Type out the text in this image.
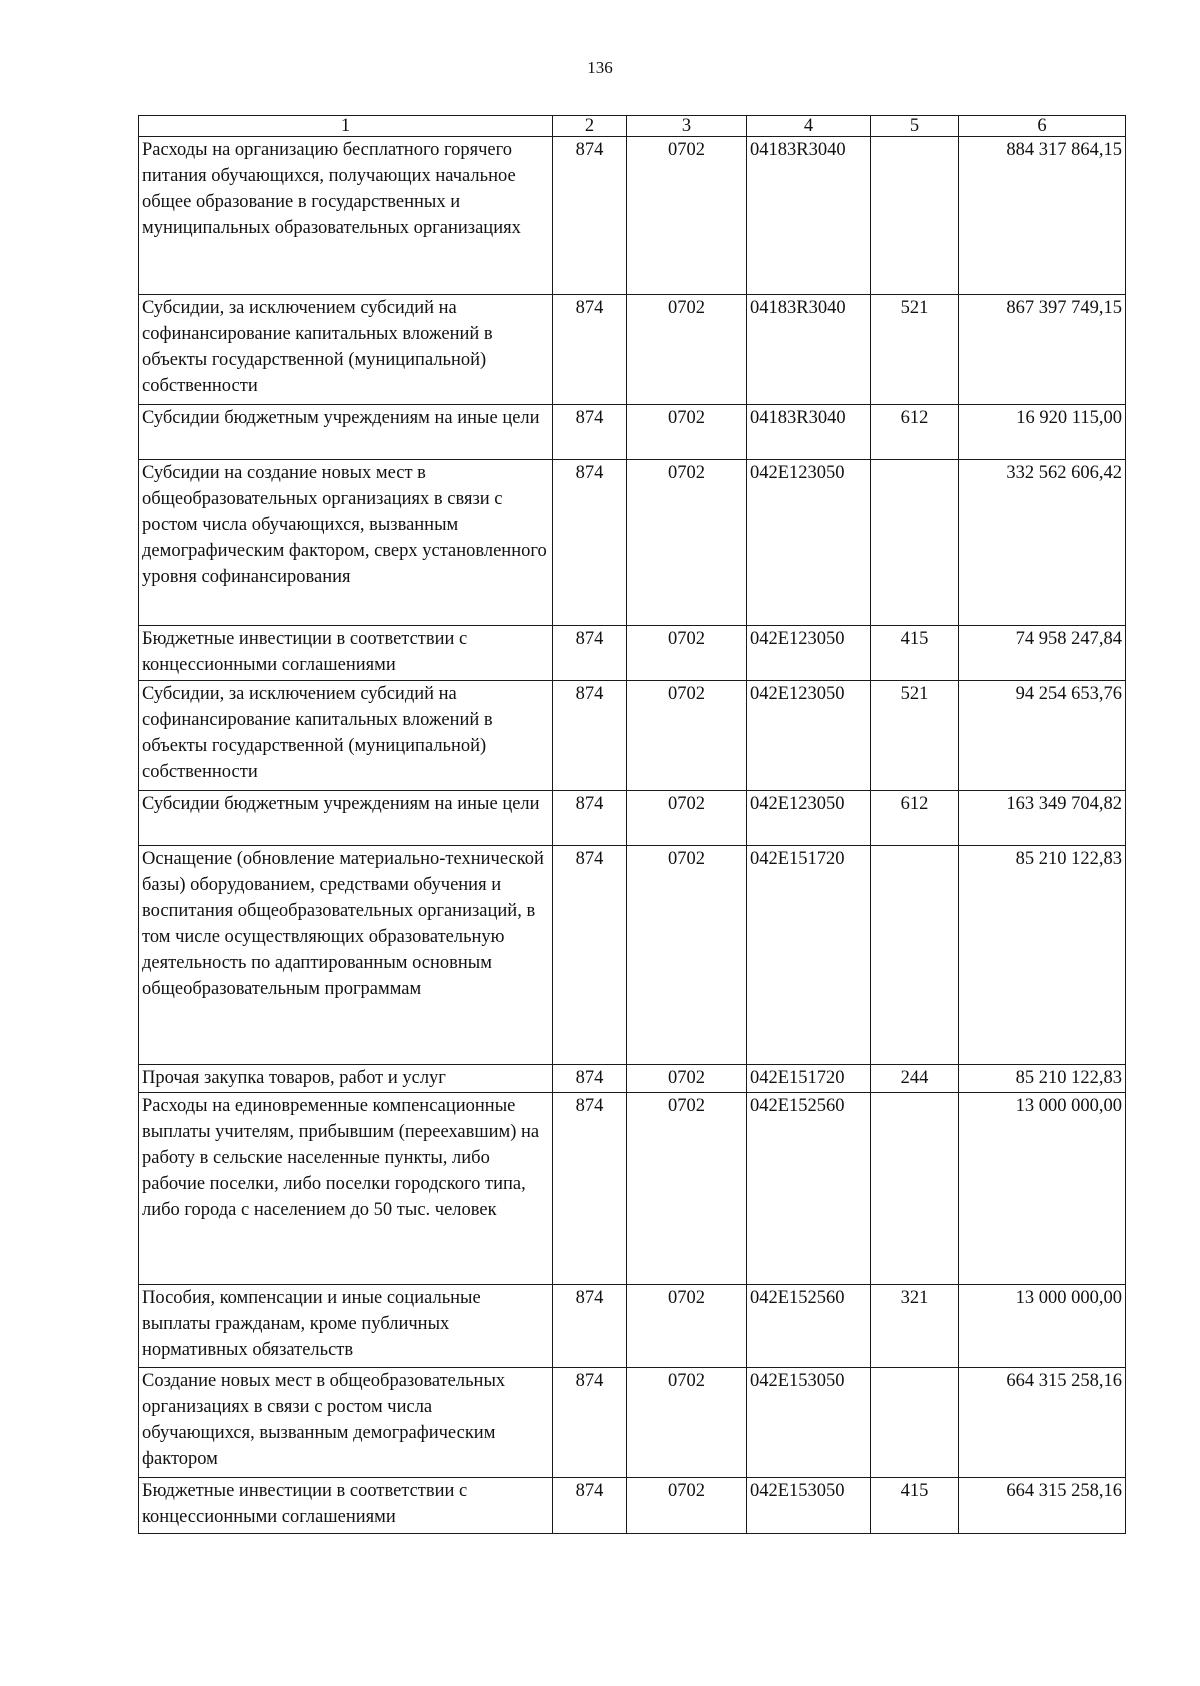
136
1	2	3	4	5	6
Расходы на организацию бесплатного горячего питания обучающихся, получающих начальное общее образование в государственных и муниципальных образовательных организациях	874	0702	04183R3040		884 317 864,15
Субсидии, за исключением субсидий на софинансирование капитальных вложений в объекты государственной (муниципальной) собственности	874	0702	04183R3040	521	867 397 749,15
Субсидии бюджетным учреждениям на иные цели	874	0702	04183R3040	612	16 920 115,00
Субсидии на создание новых мест в общеобразовательных организациях в связи с ростом числа обучающихся, вызванным демографическим фактором, сверх установленного уровня софинансирования	874	0702	042E123050		332 562 606,42
Бюджетные инвестиции в соответствии с концессионными соглашениями	874	0702	042E123050	415	74 958 247,84
Субсидии, за исключением субсидий на софинансирование капитальных вложений в объекты государственной (муниципальной) собственности	874	0702	042E123050	521	94 254 653,76
Субсидии бюджетным учреждениям на иные цели	874	0702	042E123050	612	163 349 704,82
Оснащение (обновление материально-технической базы) оборудованием, средствами обучения и воспитания общеобразовательных организаций, в том числе осуществляющих образовательную деятельность по адаптированным основным общеобразовательным программам	874	0702	042E151720		85 210 122,83
Прочая закупка товаров, работ и услуг	874	0702	042E151720	244	85 210 122,83
Расходы на единовременные компенсационные выплаты учителям, прибывшим (переехавшим) на работу в сельские населенные пункты, либо рабочие поселки, либо поселки городского типа, либо города с населением до 50 тыс. человек	874	0702	042E152560		13 000 000,00
Пособия, компенсации и иные социальные выплаты гражданам, кроме публичных нормативных обязательств	874	0702	042E152560	321	13 000 000,00
Создание новых мест в общеобразовательных организациях в связи с ростом числа обучающихся, вызванным демографическим фактором	874	0702	042E153050		664 315 258,16
Бюджетные инвестиции в соответствии с концессионными соглашениями	874	0702	042E153050	415	664 315 258,16
